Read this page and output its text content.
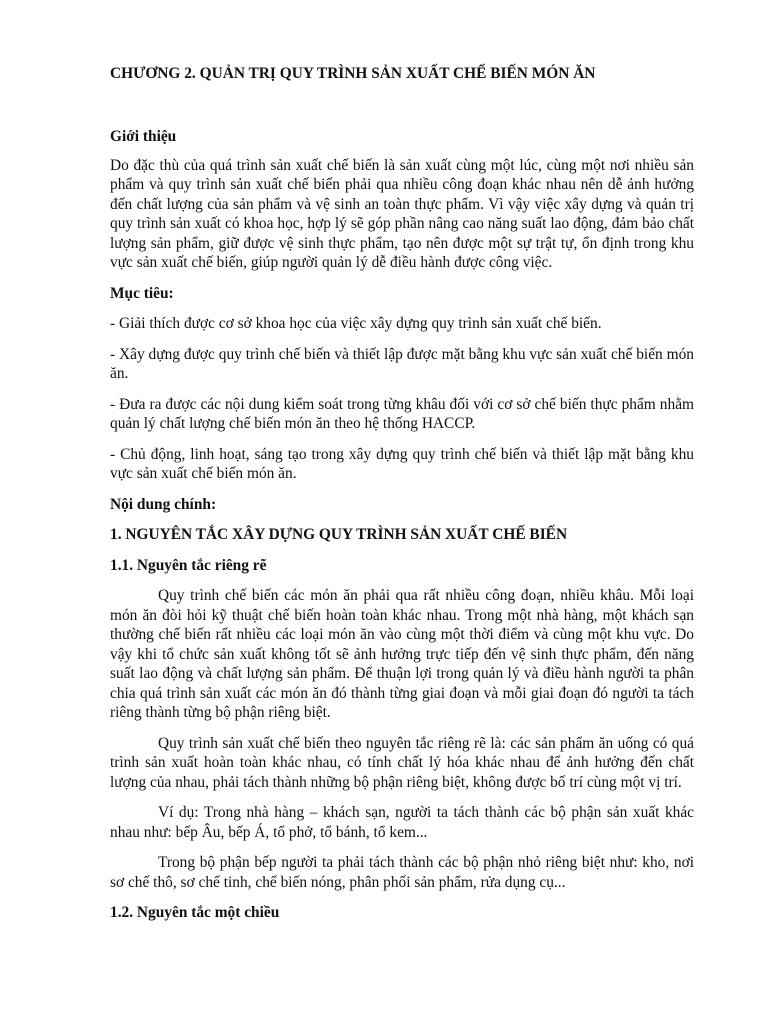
CHƯƠNG 2. QUẢN TRỊ QUY TRÌNH SẢN XUẤT CHẾ BIẾN MÓN ĂN

Giới thiệu

Do đặc thù của quá trình sản xuất chế biến là sản xuất cùng một lúc, cùng một nơi nhiều sản phẩm và quy trình sản xuất chế biến phải qua nhiều công đoạn khác nhau nên dễ ảnh hưởng đến chất lượng của sản phẩm và vệ sinh an toàn thực phẩm. Vì vậy việc xây dựng và quản trị quy trình sản xuất có khoa học, hợp lý sẽ góp phần nâng cao năng suất lao động, đảm bảo chất lượng sản phẩm, giữ được vệ sinh thực phẩm, tạo nên được một sự trật tự, ổn định trong khu vực sản xuất chế biến, giúp người quản lý dễ điều hành được công việc.

Mục tiêu:

- Giải thích được cơ sở khoa học của việc xây dựng quy trình sản xuất chế biến.

- Xây dựng được quy trình chế biến và thiết lập được mặt bằng khu vực sản xuất chế biến món ăn.

- Đưa ra được các nội dung kiểm soát trong từng khâu đối với cơ sở chế biến thực phẩm nhằm quản lý chất lượng chế biến món ăn theo hệ thống HACCP.

- Chủ động, linh hoạt, sáng tạo trong xây dựng quy trình chế biến và thiết lập mặt bằng khu vực sản xuất chế biến món ăn.

Nội dung chính:

1. NGUYÊN TẮC XÂY DỰNG QUY TRÌNH SẢN XUẤT CHẾ BIẾN

1.1. Nguyên tắc riêng rẽ

Quy trình chế biến các món ăn phải qua rất nhiều công đoạn, nhiều khâu. Mỗi loại món ăn đòi hỏi kỹ thuật chế biến hoàn toàn khác nhau. Trong một nhà hàng, một khách sạn thường chế biến rất nhiều các loại món ăn vào cùng một thời điểm và cùng một khu vực. Do vậy khi tổ chức sản xuất không tốt sẽ ảnh hưởng trực tiếp đến vệ sinh thực phẩm, đến năng suất lao động và chất lượng sản phẩm. Để thuận lợi trong quản lý và điều hành người ta phân chia quá trình sản xuất các món ăn đó thành từng giai đoạn và mỗi giai đoạn đó người ta tách riêng thành từng bộ phận riêng biệt.

Quy trình sản xuất chế biến theo nguyên tắc riêng rẽ là: các sản phẩm ăn uống có quá trình sản xuất hoàn toàn khác nhau, có tính chất lý hóa khác nhau để ảnh hưởng đến chất lượng của nhau, phải tách thành những bộ phận riêng biệt, không được bố trí cùng một vị trí.

Ví dụ: Trong nhà hàng – khách sạn, người ta tách thành các bộ phận sản xuất khác nhau như: bếp Âu, bếp Á, tổ phở, tổ bánh, tổ kem...

Trong bộ phận bếp người ta phải tách thành các bộ phận nhỏ riêng biệt như: kho, nơi sơ chế thô, sơ chế tinh, chế biến nóng, phân phối sản phẩm, rửa dụng cụ...

1.2. Nguyên tắc một chiều
